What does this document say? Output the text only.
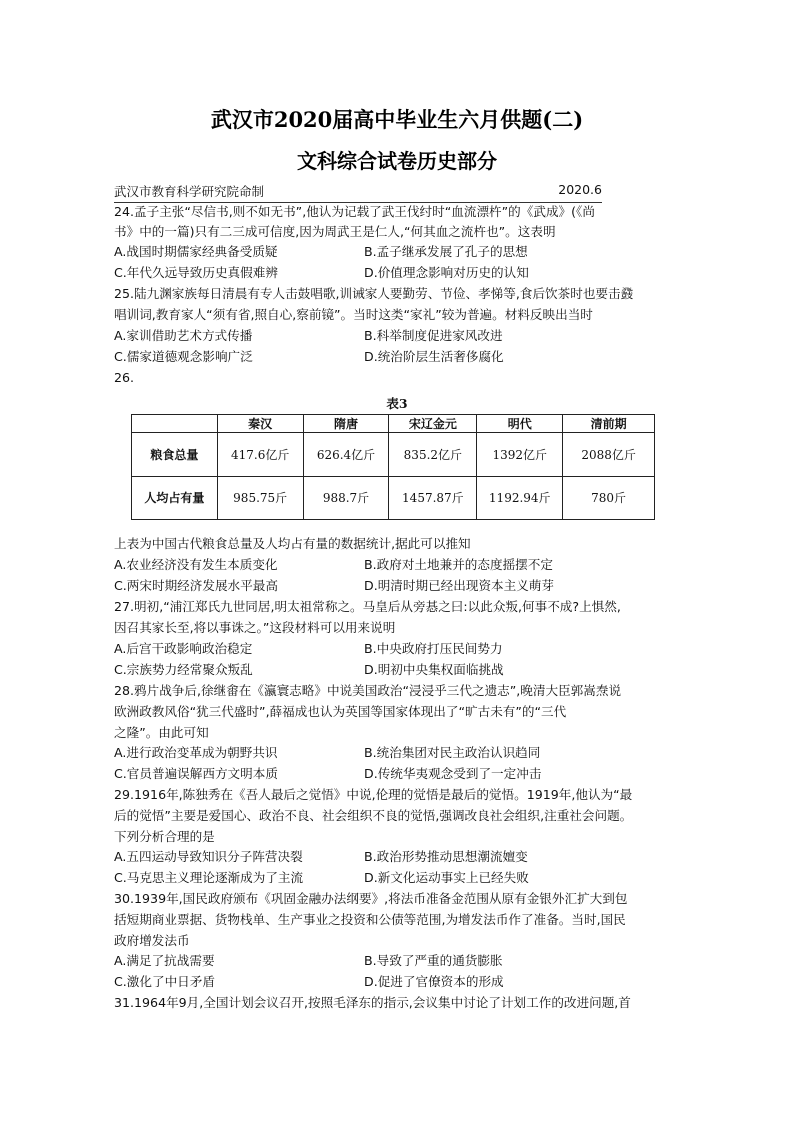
武汉市2020届高中毕业生六月供题(二)
文科综合试卷历史部分
武汉市教育科学研究院命制	2020.6
24.孟子主张“尽信书,则不如无书”,他认为记载了武王伐纣时“血流漂杵”的《武成》(《尚
书》中的一篇)只有二三成可信度,因为周武王是仁人,“何其血之流杵也”。这表明
A.战国时期儒家经典备受质疑	B.孟子继承发展了孔子的思想
C.年代久远导致历史真假难辨	D.价值理念影响对历史的认知
25.陆九渊家族每日清晨有专人击鼓唱歌,训诫家人要勤劳、节俭、孝悌等,食后饮茶时也要击鼗
唱训词,教育家人“须有省,照自心,察前镜”。当时这类“家礼”较为普遍。材料反映出当时
A.家训借助艺术方式传播	B.科举制度促进家风改进
C.儒家道德观念影响广泛	D.统治阶层生活奢侈腐化
26.
表3
	秦汉	隋唐	宋辽金元	明代	清前期
粮食总量	417.6亿斤	626.4亿斤	835.2亿斤	1392亿斤	2088亿斤
人均占有量	985.75斤	988.7斤	1457.87斤	1192.94斤	780斤
上表为中国古代粮食总量及人均占有量的数据统计,据此可以推知
A.农业经济没有发生本质变化	B.政府对土地兼并的态度摇摆不定
C.两宋时期经济发展水平最高	D.明清时期已经出现资本主义萌芽
27.明初,“浦江郑氏九世同居,明太祖常称之。马皇后从旁惎之曰:以此众叛,何事不成?上惧然,
因召其家长至,将以事诛之。”这段材料可以用来说明
A.后宫干政影响政治稳定	B.中央政府打压民间势力
C.宗族势力经常聚众叛乱	D.明初中央集权面临挑战
28.鸦片战争后,徐继畬在《瀛寰志略》中说美国政治“浸浸乎三代之遗志”,晚清大臣郭嵩焘说
欧洲政教风俗“犹三代盛时”,薛福成也认为英国等国家体现出了“旷古未有”的“三代
之隆”。由此可知
A.进行政治变革成为朝野共识	B.统治集团对民主政治认识趋同
C.官员普遍误解西方文明本质	D.传统华夷观念受到了一定冲击
29.1916年,陈独秀在《吾人最后之觉悟》中说,伦理的觉悟是最后的觉悟。1919年,他认为“最
后的觉悟”主要是爱国心、政治不良、社会组织不良的觉悟,强调改良社会组织,注重社会问题。
下列分析合理的是
A.五四运动导致知识分子阵营决裂	B.政治形势推动思想潮流嬗变
C.马克思主义理论逐渐成为了主流	D.新文化运动事实上已经失败
30.1939年,国民政府颁布《巩固金融办法纲要》,将法币准备金范围从原有金银外汇扩大到包
括短期商业票据、货物栈单、生产事业之投资和公债等范围,为增发法币作了准备。当时,国民
政府增发法币
A.满足了抗战需要	B.导致了严重的通货膨胀
C.激化了中日矛盾	D.促进了官僚资本的形成
31.1964年9月,全国计划会议召开,按照毛泽东的指示,会议集中讨论了计划工作的改进问题,首
